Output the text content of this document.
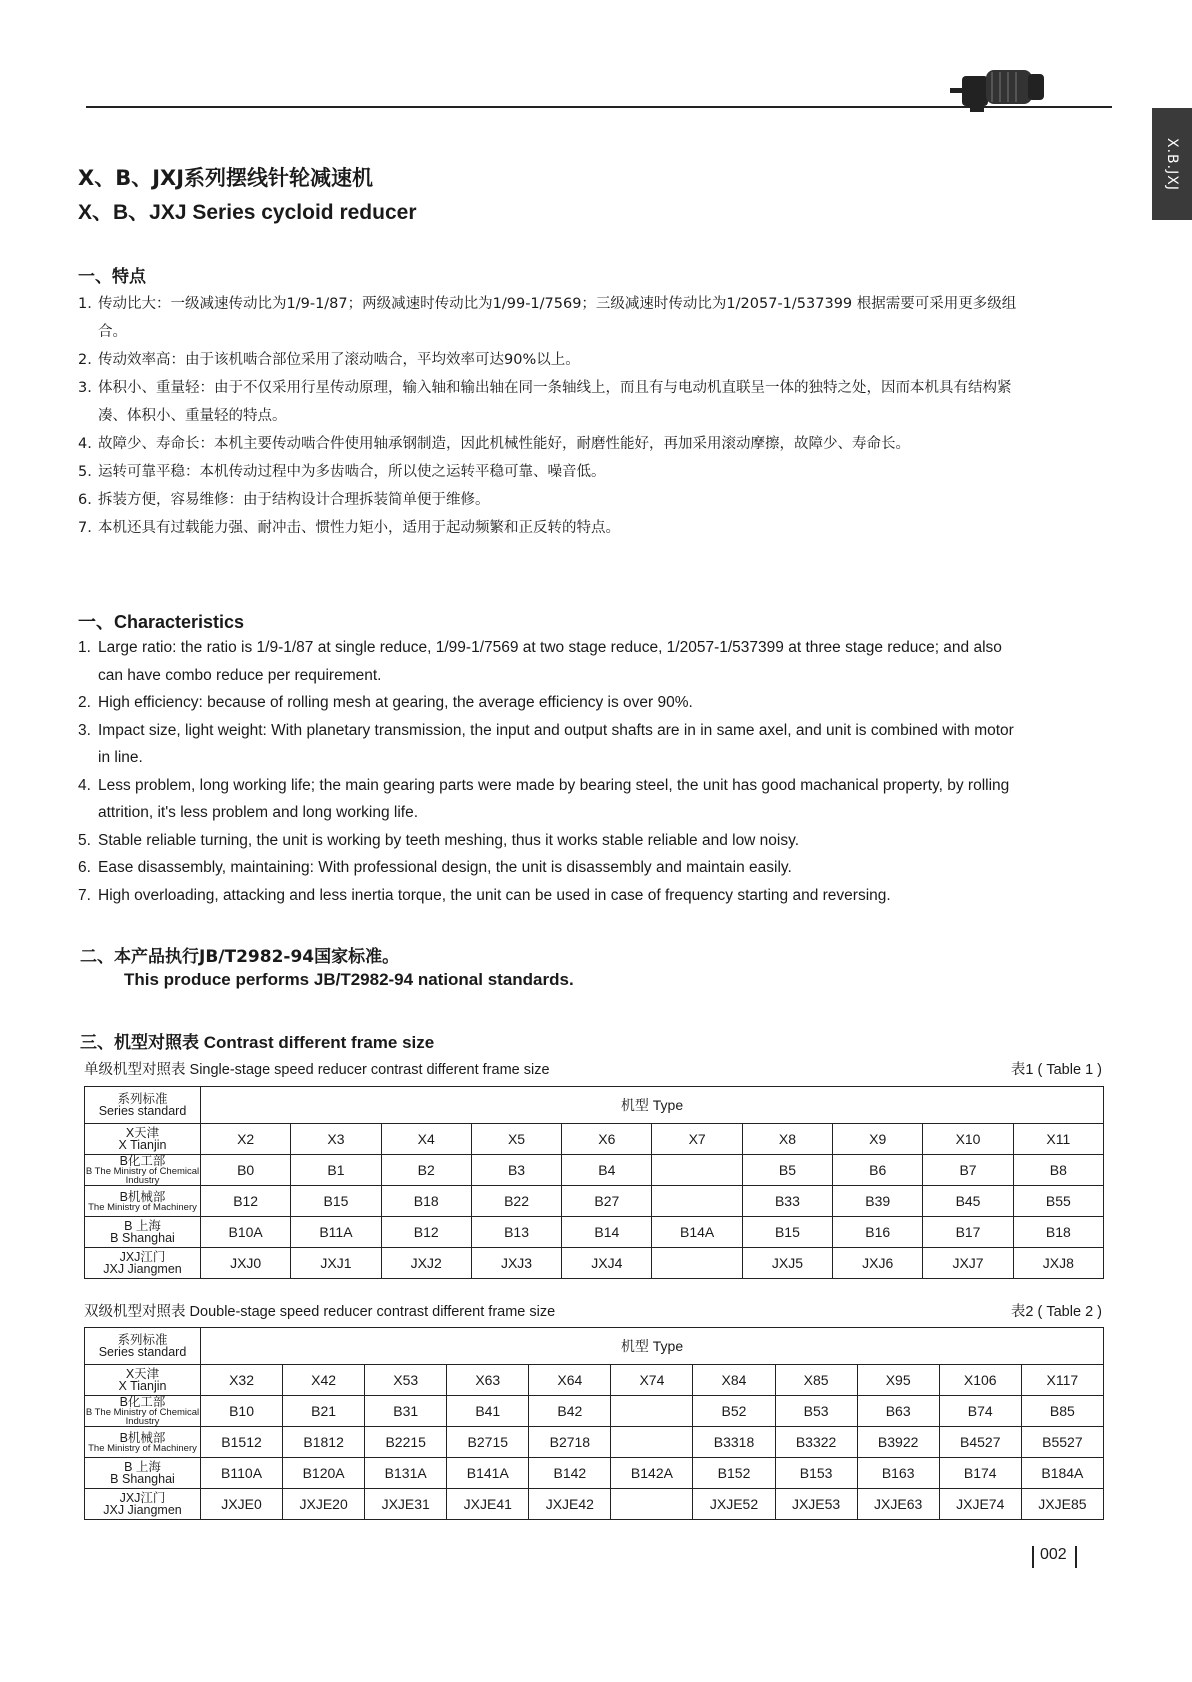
X.B.JXJ
X、B、JXJ系列摆线针轮减速机
X、B、JXJ Series cycloid reducer
一、特点
1. 传动比大：一级减速传动比为1/9-1/87；两级减速时传动比为1/99-1/7569；三级减速时传动比为1/2057-1/537399 根据需要可采用更多级组合。
2. 传动效率高：由于该机啮合部位采用了滚动啮合，平均效率可达90%以上。
3. 体积小、重量轻：由于不仅采用行星传动原理，输入轴和输出轴在同一条轴线上，而且有与电动机直联呈一体的独特之处，因而本机具有结构紧凑、体积小、重量轻的特点。
4. 故障少、寿命长：本机主要传动啮合件使用轴承钢制造，因此机械性能好，耐磨性能好，再加采用滚动摩擦，故障少、寿命长。
5. 运转可靠平稳：本机传动过程中为多齿啮合，所以使之运转平稳可靠、噪音低。
6. 拆装方便，容易维修：由于结构设计合理拆装简单便于维修。
7. 本机还具有过载能力强、耐冲击、惯性力矩小，适用于起动频繁和正反转的特点。
一、Characteristics
1. Large ratio: the ratio is 1/9-1/87 at single reduce, 1/99-1/7569 at two stage reduce, 1/2057-1/537399 at three stage reduce; and also can have combo reduce per requirement.
2. High efficiency: because of rolling mesh at gearing, the average efficiency is over 90%.
3. Impact size, light weight: With planetary transmission, the input and output shafts are in in same axel, and unit is combined with motor in line.
4. Less problem, long working life; the main gearing parts were made by bearing steel, the unit has good machanical property, by rolling attrition, it's less problem and long working life.
5. Stable reliable turning, the unit is working by teeth meshing, thus it works stable reliable and low noisy.
6. Ease disassembly, maintaining: With professional design, the unit is disassembly and maintain easily.
7. High overloading, attacking and less inertia torque, the unit can be used in case of frequency starting and reversing.
二、本产品执行JB/T2982-94国家标准。
This produce performs JB/T2982-94 national standards.
三、机型对照表 Contrast different frame size
单级机型对照表 Single-stage speed reducer contrast different frame size	表1 ( Table 1 )
系列标准
Series standard	机型 Type									

X天津
X Tianjin	X2	X3	X4	X5	X6	X7	X8	X9	X10	X11

B化工部
B The Ministry of Chemical Industry	B0	B1	B2	B3	B4		B5	B6	B7	B8

B机械部
The Ministry of Machinery	B12	B15	B18	B22	B27		B33	B39	B45	B55

B 上海
B Shanghai	B10A	B11A	B12	B13	B14	B14A	B15	B16	B17	B18

JXJ江门
JXJ Jiangmen	JXJ0	JXJ1	JXJ2	JXJ3	JXJ4		JXJ5	JXJ6	JXJ7	JXJ8
双级机型对照表 Double-stage speed reducer contrast different frame size	表2 ( Table 2 )
系列标准
Series standard	机型 Type										

X天津
X Tianjin	X32	X42	X53	X63	X64	X74	X84	X85	X95	X106	X117

B化工部
B The Ministry of Chemical Industry	B10	B21	B31	B41	B42		B52	B53	B63	B74	B85

B机械部
The Ministry of Machinery	B1512	B1812	B2215	B2715	B2718		B3318	B3322	B3922	B4527	B5527

B 上海
B Shanghai	B110A	B120A	B131A	B141A	B142	B142A	B152	B153	B163	B174	B184A

JXJ江门
JXJ Jiangmen	JXJE0	JXJE20	JXJE31	JXJE41	JXJE42		JXJE52	JXJE53	JXJE63	JXJE74	JXJE85
002
